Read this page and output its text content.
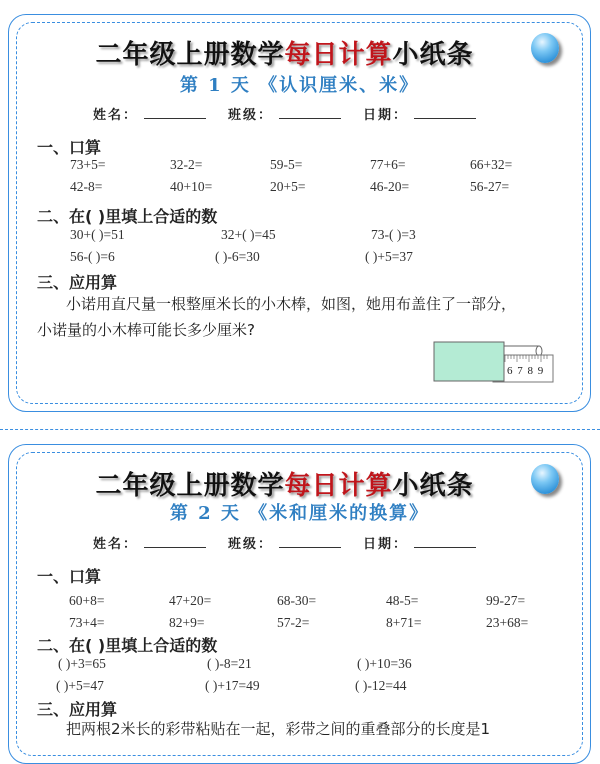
二年级上册数学每日计算小纸条
第 1 天 《认识厘米、米》
姓名：	班级：	日期：
一、口算
73+5=	32-2=	59-5=	77+6=	66+32=
42-8=	40+10=	20+5=	46-20=	56-27=
二、在( )里填上合适的数
30+( )=51	32+( )=45	73-( )=3
56-( )=6	( )-6=30	( )+5=37
三、应用算
小诺用直尺量一根整厘米长的小木棒，如图，她用布盖住了一部分，
小诺量的小木棒可能长多少厘米?
6 7 8 9
二年级上册数学每日计算小纸条
第 2 天 《米和厘米的换算》
姓名：	班级：	日期：
一、口算
60+8=	47+20=	68-30=	48-5=	99-27=
73+4=	82+9=	57-2=	8+71=	23+68=
二、在( )里填上合适的数
( )+3=65	( )-8=21	( )+10=36
( )+5=47	( )+17=49	( )-12=44
三、应用算
把两根2米长的彩带粘贴在一起，彩带之间的重叠部分的长度是1
